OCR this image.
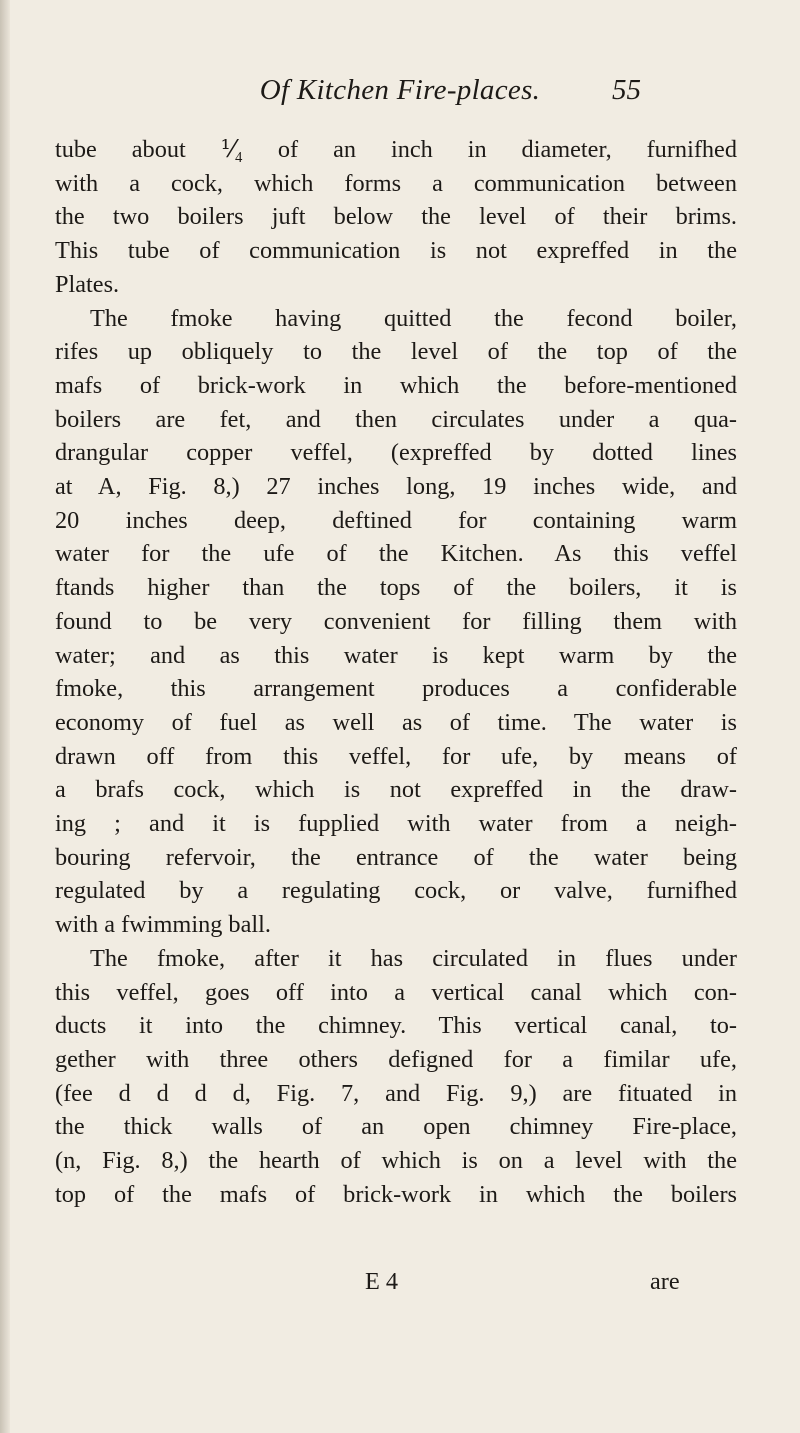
Of Kitchen Fire-places.	55
tube about ⅟₄ of an inch in diameter, furnifhed
with a cock, which forms a communication between
the two boilers juft below the level of their brims.
This tube of communication is not expreffed in the
Plates.
The fmoke having quitted the fecond boiler,
rifes up obliquely to the level of the top of the
mafs of brick-work in which the before-mentioned
boilers are fet, and then circulates under a qua-
drangular copper veffel, (expreffed by dotted lines
at A, Fig. 8,) 27 inches long, 19 inches wide, and
20 inches deep, deftined for containing warm
water for the ufe of the Kitchen. As this veffel
ftands higher than the tops of the boilers, it is
found to be very convenient for filling them with
water; and as this water is kept warm by the
fmoke, this arrangement produces a confiderable
economy of fuel as well as of time. The water is
drawn off from this veffel, for ufe, by means of
a brafs cock, which is not expreffed in the draw-
ing ; and it is fupplied with water from a neigh-
bouring refervoir, the entrance of the water being
regulated by a regulating cock, or valve, furnifhed
with a fwimming ball.
The fmoke, after it has circulated in flues under
this veffel, goes off into a vertical canal which con-
ducts it into the chimney. This vertical canal, to-
gether with three others defigned for a fimilar ufe,
(fee d d d d, Fig. 7, and Fig. 9,) are fituated in
the thick walls of an open chimney Fire-place,
(n, Fig. 8,) the hearth of which is on a level with the
top of the mafs of brick-work in which the boilers
E 4	are
